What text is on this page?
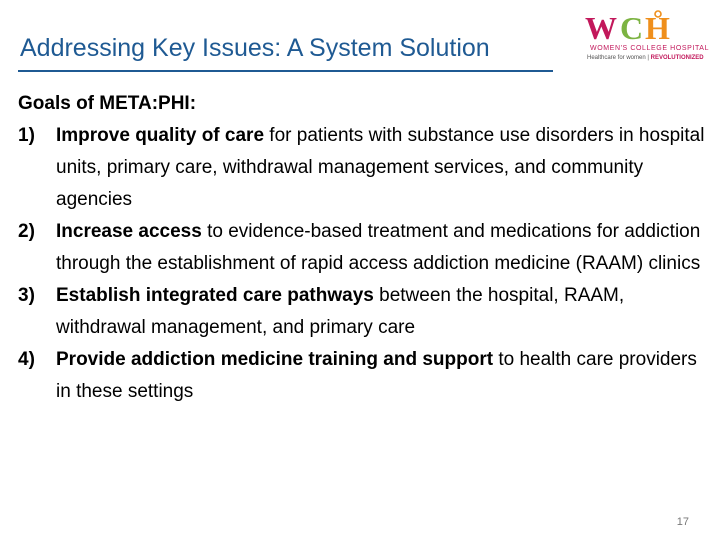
Addressing Key Issues: A System Solution
W C H
WOMEN'S COLLEGE HOSPITAL
Healthcare for women | REVOLUTIONIZED

Goals of META:PHI:

1) Improve quality of care for patients with substance use disorders in hospital units, primary care, withdrawal management services, and community agencies

2) Increase access to evidence-based treatment and medications for addiction through the establishment of rapid access addiction medicine (RAAM) clinics

3) Establish integrated care pathways between the hospital, RAAM, withdrawal management, and primary care

4) Provide addiction medicine training and support to health care providers in these settings

17
